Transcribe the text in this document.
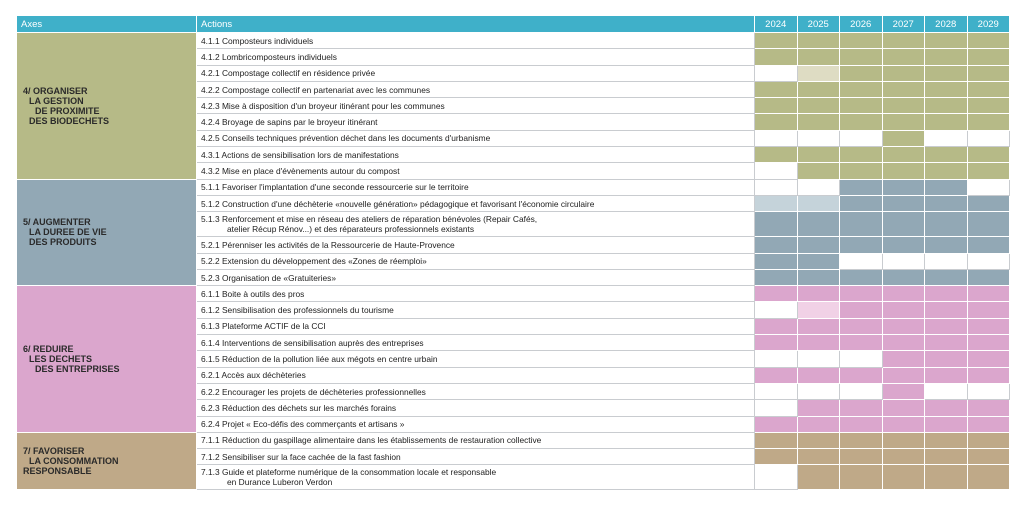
Axes	Actions	2024	2025	2026	2027	2028	2029

4/ ORGANISER
LA GESTION
DE PROXIMITE
DES BIODECHETS	4.1.1 Composteurs individuels						

	4.1.2 Lombricomposteurs individuels						

	4.2.1 Compostage collectif en résidence privée						

	4.2.2 Compostage collectif en partenariat avec les communes						

	4.2.3 Mise à disposition d'un broyeur itinérant pour les communes						

	4.2.4 Broyage de sapins par le broyeur itinérant						

	4.2.5 Conseils techniques prévention déchet dans les documents d'urbanisme						

	4.3.1 Actions de sensibilisation lors de manifestations						

	4.3.2 Mise en place d'évènements autour du compost						

5/ AUGMENTER
LA DUREE DE VIE
DES PRODUITS	5.1.1 Favoriser l'implantation d'une seconde ressourcerie sur le territoire						

	5.1.2 Construction d'une déchèterie «nouvelle génération» pédagogique et favorisant l'économie circulaire						

	5.1.3 Renforcement et mise en réseau des ateliers de réparation bénévoles (Repair Cafés,
atelier Récup Rénov...) et des réparateurs professionnels existants						

	5.2.1 Pérenniser les activités de la Ressourcerie de Haute-Provence						

	5.2.2 Extension du développement des «Zones de réemploi»						

	5.2.3 Organisation de «Gratuiteries»						

6/ REDUIRE
LES DECHETS
DES ENTREPRISES	6.1.1 Boite à outils des pros						

	6.1.2 Sensibilisation des professionnels du tourisme						

	6.1.3 Plateforme ACTIF de la CCI						

	6.1.4 Interventions de sensibilisation auprès des entreprises						

	6.1.5 Réduction de la pollution liée aux mégots en centre urbain						

	6.2.1 Accès aux déchèteries						

	6.2.2 Encourager les projets de déchèteries professionnelles						

	6.2.3 Réduction des déchets sur les marchés forains						

	6.2.4 Projet « Eco-défis des commerçants et artisans »						

7/ FAVORISER
LA CONSOMMATION
RESPONSABLE	7.1.1 Réduction du gaspillage alimentaire dans les établissements de restauration collective						

	7.1.2 Sensibiliser sur la face cachée de la fast fashion						

	7.1.3 Guide et plateforme numérique de la consommation locale et responsable
en Durance Luberon Verdon						
